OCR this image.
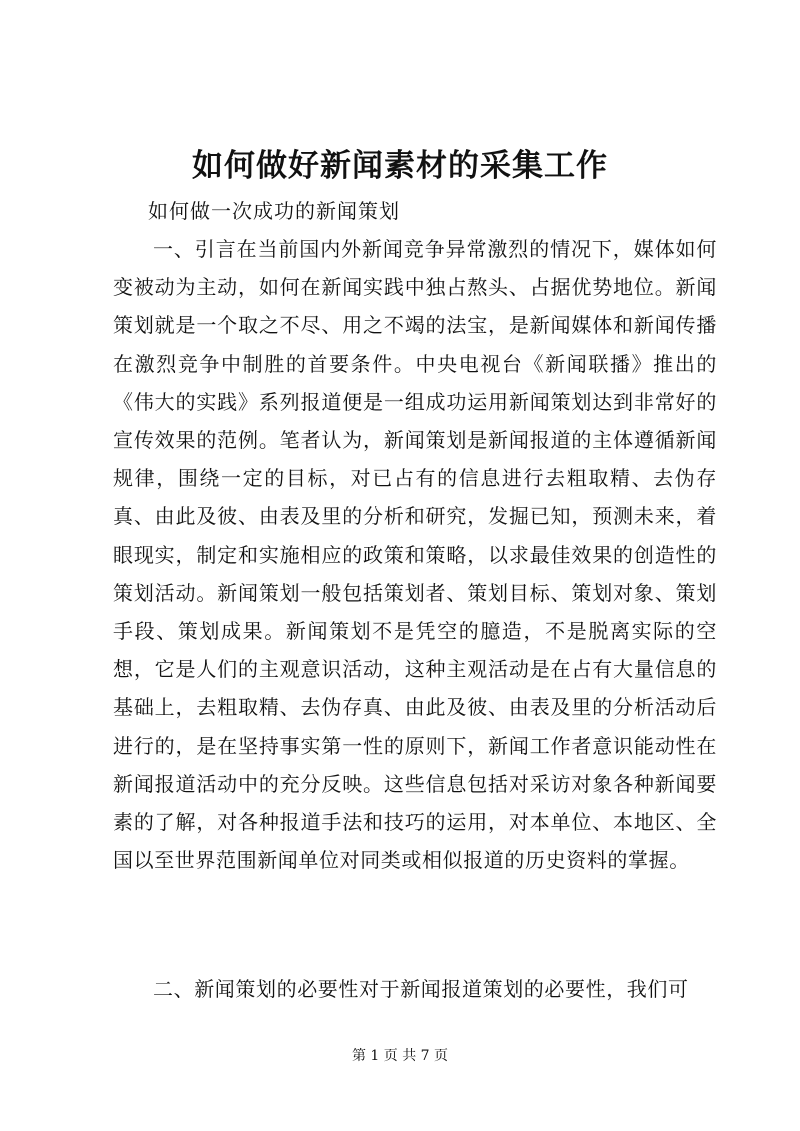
如何做好新闻素材的采集工作

如何做一次成功的新闻策划

一、引言在当前国内外新闻竞争异常激烈的情况下，媒体如何变被动为主动，如何在新闻实践中独占熬头、占据优势地位。新闻策划就是一个取之不尽、用之不竭的法宝，是新闻媒体和新闻传播在激烈竞争中制胜的首要条件。中央电视台《新闻联播》推出的《伟大的实践》系列报道便是一组成功运用新闻策划达到非常好的宣传效果的范例。笔者认为，新闻策划是新闻报道的主体遵循新闻规律，围绕一定的目标，对已占有的信息进行去粗取精、去伪存真、由此及彼、由表及里的分析和研究，发掘已知，预测未来，着眼现实，制定和实施相应的政策和策略，以求最佳效果的创造性的策划活动。新闻策划一般包括策划者、策划目标、策划对象、策划手段、策划成果。新闻策划不是凭空的臆造，不是脱离实际的空想，它是人们的主观意识活动，这种主观活动是在占有大量信息的基础上，去粗取精、去伪存真、由此及彼、由表及里的分析活动后进行的，是在坚持事实第一性的原则下，新闻工作者意识能动性在新闻报道活动中的充分反映。这些信息包括对采访对象各种新闻要素的了解，对各种报道手法和技巧的运用，对本单位、本地区、全国以至世界范围新闻单位对同类或相似报道的历史资料的掌握。

二、新闻策划的必要性对于新闻报道策划的必要性，我们可

第 1 页 共 7 页
